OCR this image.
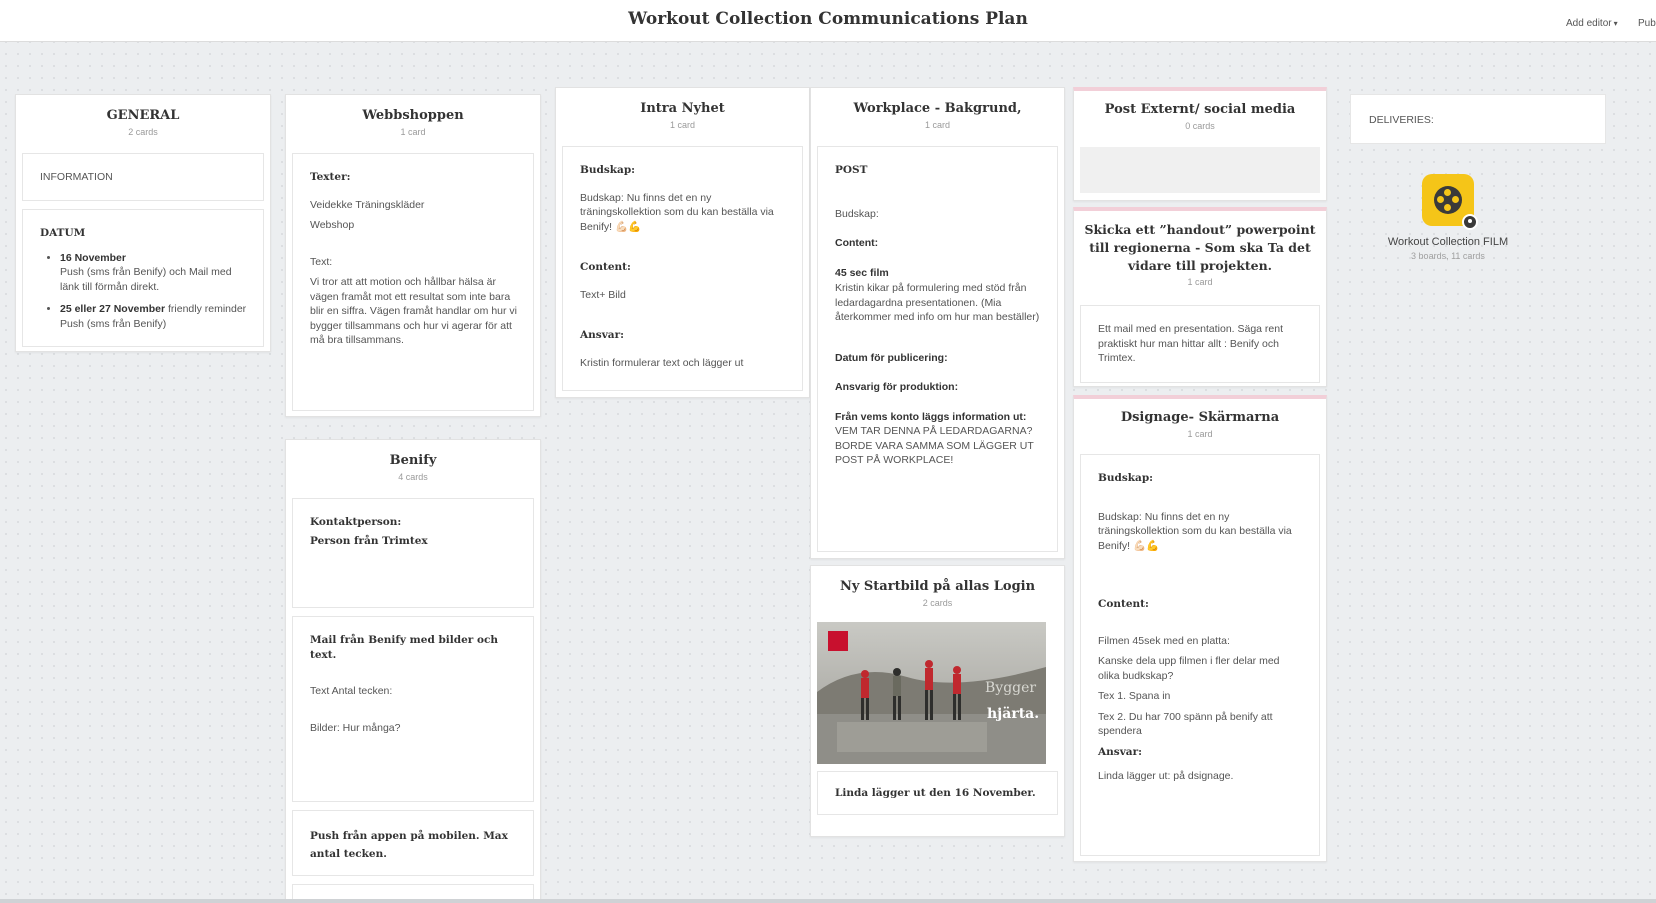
Workout Collection Communications Plan	Add editor ▾ Pub
GENERAL
2 cards
INFORMATION
DATUM
• 16 November
Push (sms från Benify) och Mail med länk till förmån direkt.
• 25 eller 27 November friendly reminder Push (sms från Benify)
Webbshoppen
1 card
Texter:
Veidekke Träningskläder
Webshop
Text:
Vi tror att att motion och hållbar hälsa är vägen framåt mot ett resultat som inte bara blir en siffra. Vägen framåt handlar om hur vi bygger tillsammans och hur vi agerar för att må bra tillsammans.
Benify
4 cards
Kontaktperson:
Person från Trimtex
Mail från Benify med bilder och text.
Text Antal tecken:
Bilder: Hur många?
Push från appen på mobilen. Max antal tecken.
Intra Nyhet
1 card
Budskap:
Budskap: Nu finns det en ny träningskollektion som du kan beställa via Benify! 💪🏻💪
Content:
Text+ Bild
Ansvar:
Kristin formulerar text och lägger ut
Workplace - Bakgrund,
1 card
POST
Budskap:
Content:
45 sec film
Kristin kikar på formulering med stöd från ledardagardna presentationen. (Mia återkommer med info om hur man beställer)
Datum för publicering:
Ansvarig för produktion:
Från vems konto läggs information ut:
VEM TAR DENNA PÅ LEDARDAGARNA? BORDE VARA SAMMA SOM LÄGGER UT POST PÅ WORKPLACE!
Ny Startbild på allas Login
2 cards
Bygger
hjärta.
Linda lägger ut den 16 November.
Post Externt/ social media
0 cards
Skicka ett ”handout” powerpoint till regionerna - Som ska Ta det vidare till projekten.
1 card
Ett mail med en presentation. Säga rent praktiskt hur man hittar allt : Benify och Trimtex.
Dsignage- Skärmarna
1 card
Budskap:
Budskap: Nu finns det en ny träningskollektion som du kan beställa via Benify! 💪🏻💪
Content:
Filmen 45sek med en platta:
Kanske dela upp filmen i fler delar med olika budkskap?
Tex 1. Spana in
Tex 2. Du har 700 spänn på benify att spendera
Ansvar:
Linda lägger ut: på dsignage.
DELIVERIES:
Workout Collection FILM
3 boards, 11 cards
